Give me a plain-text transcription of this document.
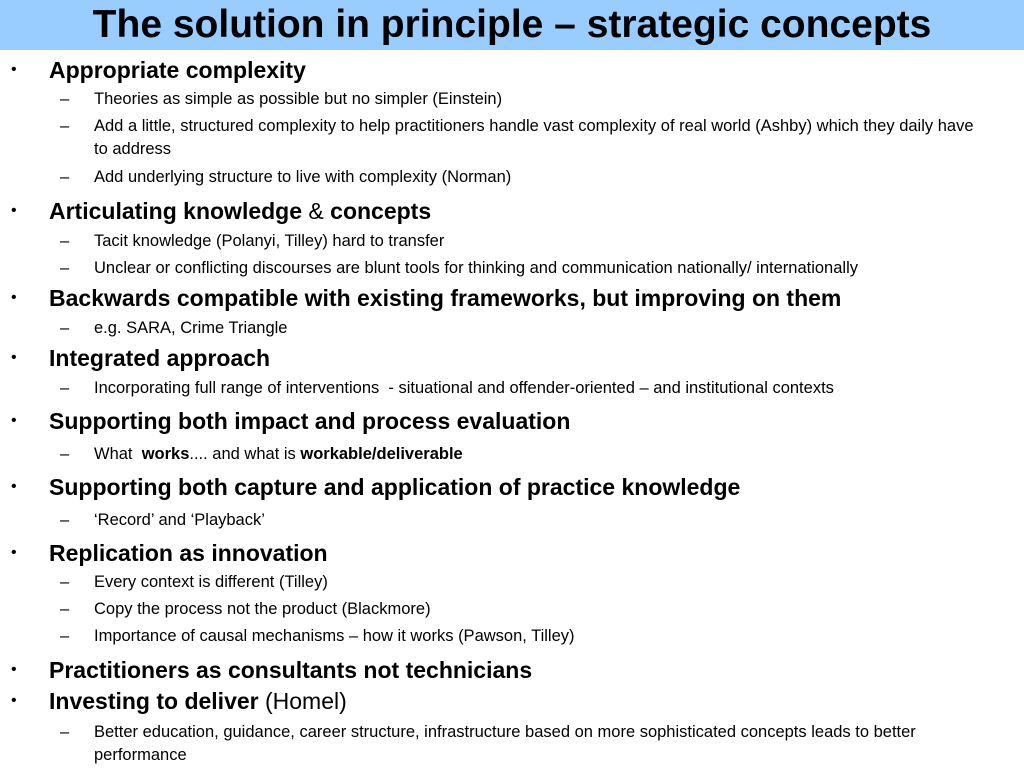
The solution in principle – strategic concepts
• Appropriate complexity
– Theories as simple as possible but no simpler (Einstein)
– Add a little, structured complexity to help practitioners handle vast complexity of real world (Ashby) which they daily have to address
– Add underlying structure to live with complexity (Norman)
• Articulating knowledge & concepts
– Tacit knowledge (Polanyi, Tilley) hard to transfer
– Unclear or conflicting discourses are blunt tools for thinking and communication nationally/ internationally
• Backwards compatible with existing frameworks, but improving on them
– e.g. SARA, Crime Triangle
• Integrated approach
– Incorporating full range of interventions  - situational and offender-oriented – and institutional contexts
• Supporting both impact and process evaluation
– What  works.... and what is workable/deliverable
• Supporting both capture and application of practice knowledge
– ‘Record’ and ‘Playback’
• Replication as innovation
– Every context is different (Tilley)
– Copy the process not the product (Blackmore)
– Importance of causal mechanisms – how it works (Pawson, Tilley)
• Practitioners as consultants not technicians
• Investing to deliver (Homel)
– Better education, guidance, career structure, infrastructure based on more sophisticated concepts leads to better performance
